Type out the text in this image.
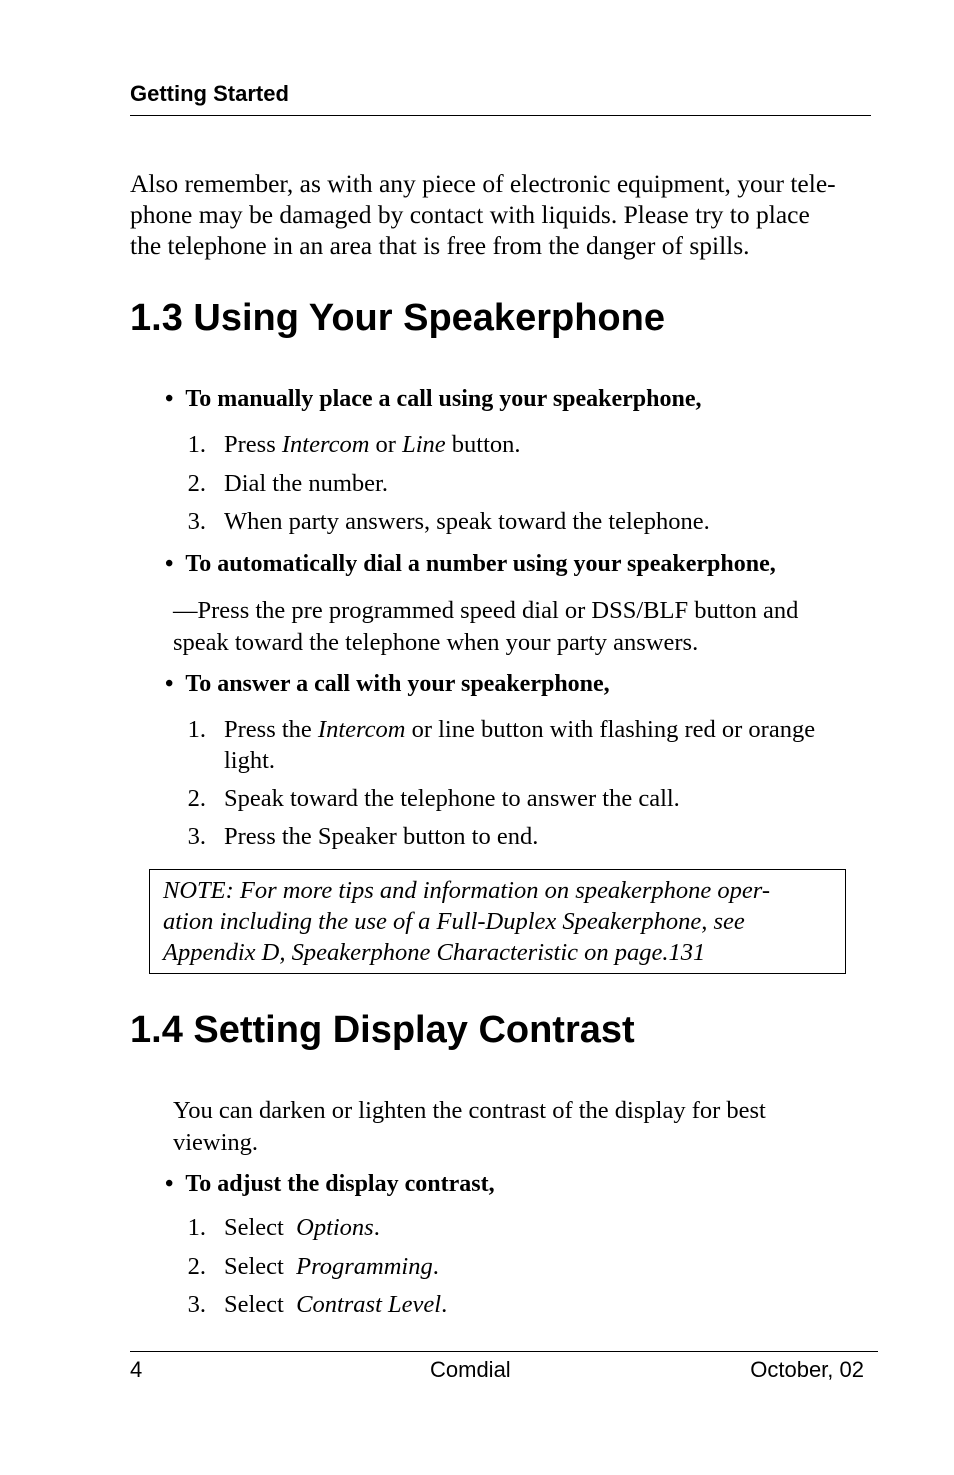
Getting Started
Also remember, as with any piece of electronic equipment, your tele-
phone may be damaged by contact with liquids. Please try to place
the telephone in an area that is free from the danger of spills.
1.3 Using Your Speakerphone
• To manually place a call using your speakerphone,
1. Press Intercom or Line button.
2. Dial the number.
3. When party answers, speak toward the telephone.
• To automatically dial a number using your speakerphone,
—Press the pre programmed speed dial or DSS/BLF button and
speak toward the telephone when your party answers.
• To answer a call with your speakerphone,
1. Press the Intercom or line button with flashing red or orange
light.
2. Speak toward the telephone to answer the call.
3. Press the Speaker button to end.
NOTE: For more tips and information on speakerphone oper-
ation including the use of a Full-Duplex Speakerphone, see
Appendix D, Speakerphone Characteristic on page.131
1.4 Setting Display Contrast
You can darken or lighten the contrast of the display for best
viewing.
• To adjust the display contrast,
1. Select  Options.
2. Select  Programming.
3. Select  Contrast Level.
4	Comdial	October, 02
